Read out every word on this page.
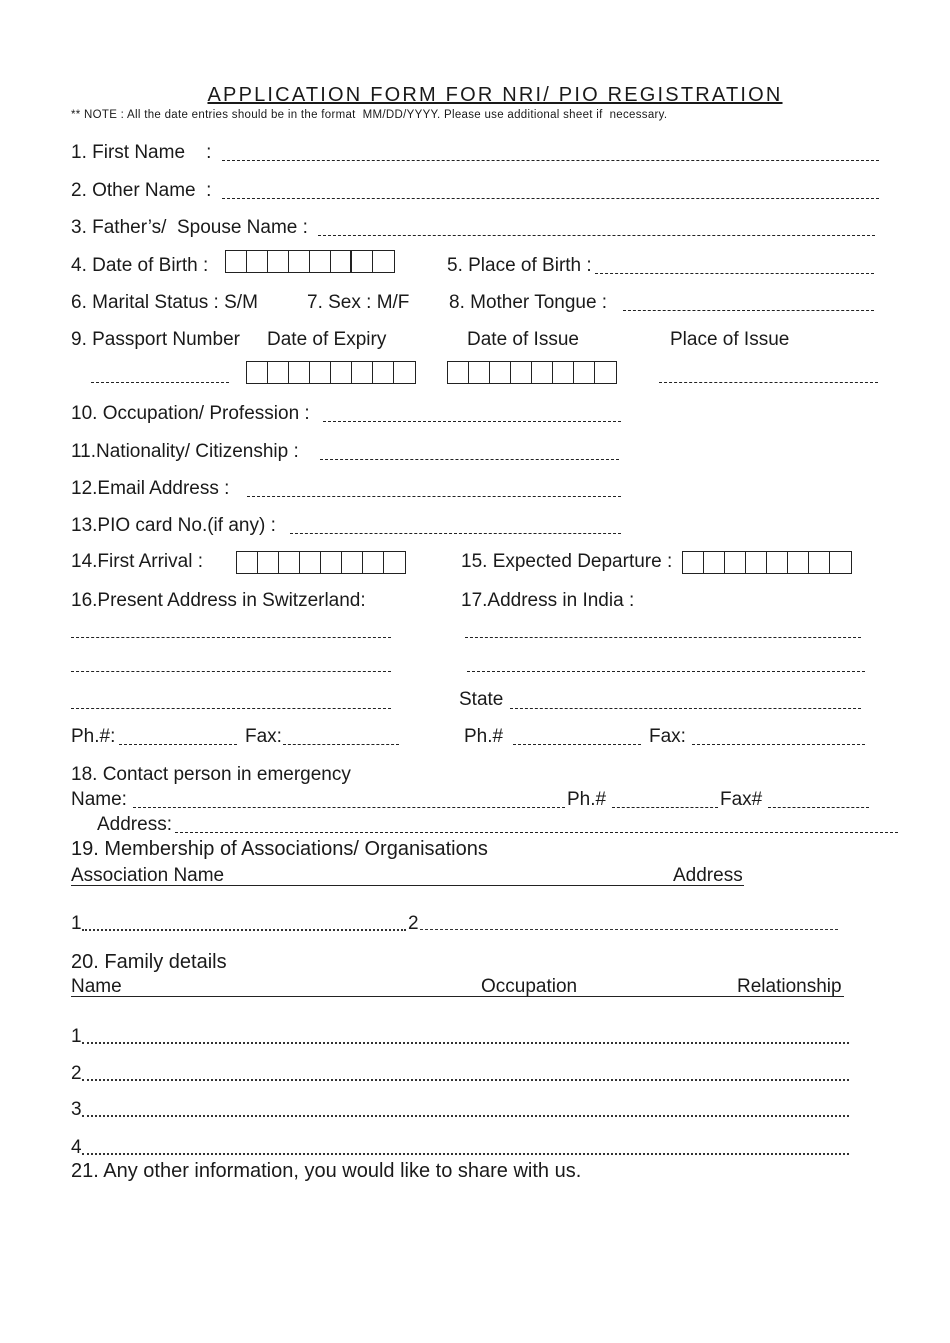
APPLICATION FORM FOR NRI/ PIO REGISTRATION
** NOTE : All the date entries should be in the format  MM/DD/YYYY. Please use additional sheet if  necessary.
1. First Name    :
2. Other Name  :
3. Father’s/  Spouse Name :
4. Date of Birth :	5. Place of Birth :
6. Marital Status : S/M	7. Sex : M/F 8. Mother Tongue :
9. Passport Number Date of Expiry	Date of Issue	Place of Issue
10. Occupation/ Profession :
11.Nationality/ Citizenship :
12.Email Address :
13.PIO card No.(if any) :
14.First Arrival :	15. Expected Departure :
16.Present Address in Switzerland:	17.Address in India :
State
Ph.#:	Fax:	Ph.#	Fax:
18. Contact person in emergency
Name:	Ph.#	Fax#
Address:
19. Membership of Associations/ Organisations
Association Name	Address
1	2
20. Family details
Name	Occupation	Relationship
1
2
3
4
21. Any other information, you would like to share with us.
